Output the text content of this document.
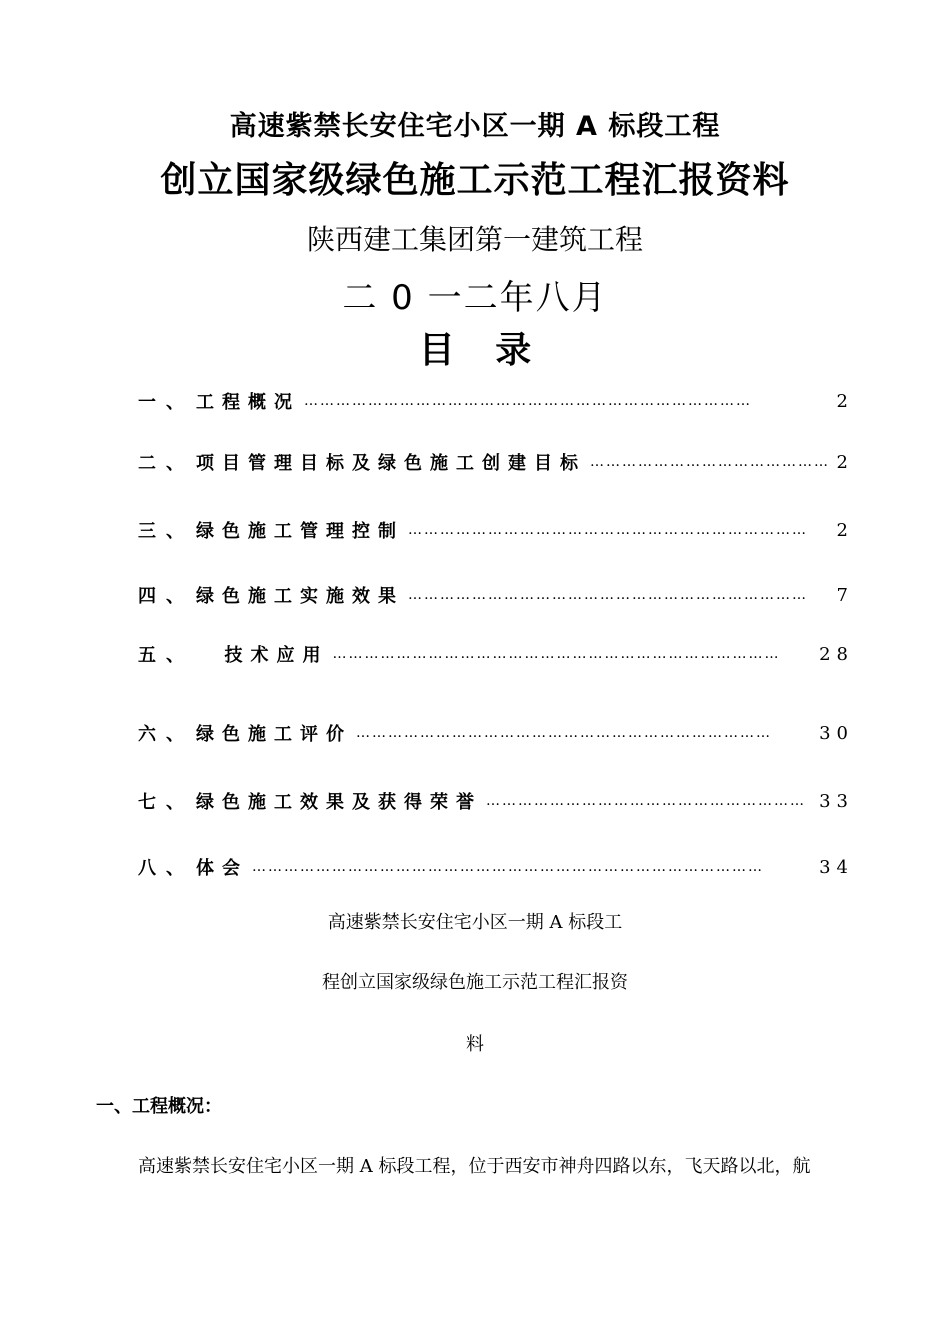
高速紫禁长安住宅小区一期 A 标段工程
创立国家级绿色施工示范工程汇报资料
陕西建工集团第一建筑工程
二 0 一二年八月
目 录
一、 工程概况 …………………………………………………………………………	2
二、 项目管理目标及绿色施工创建目标 ……………………………………… 2
三、 绿色施工管理控制 …………………………………………………………………	2
四、 绿色施工实施效果 …………………………………………………………………	7
五、 技术应用 …………………………………………………………………………	28
六、 绿色施工评价 ……………………………………………………………………	30
七、 绿色施工效果及获得荣誉 …………………………………………………… 33
八、 体会 ……………………………………………………………………………………	34
高速紫禁长安住宅小区一期 A 标段工
程创立国家级绿色施工示范工程汇报资
料
一、工程概况：
高速紫禁长安住宅小区一期 A 标段工程，位于西安市神舟四路以东，飞天路以北，航
